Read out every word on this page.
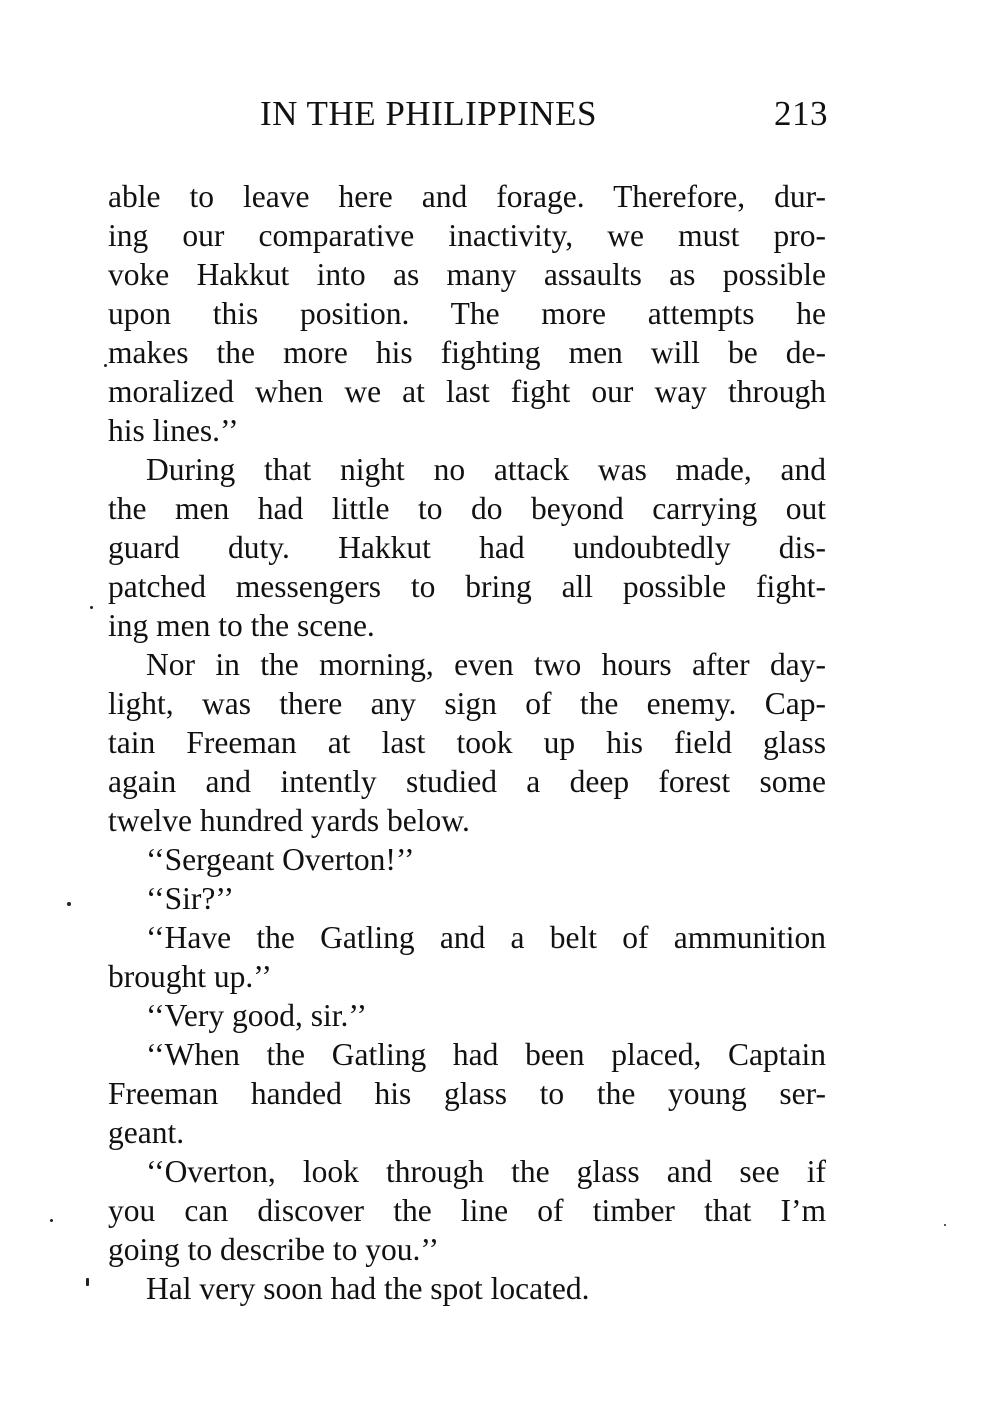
IN THE PHILIPPINES	213
able to leave here and forage. Therefore, dur-
ing our comparative inactivity, we must pro-
voke Hakkut into as many assaults as possible
upon this position. The more attempts he
makes the more his fighting men will be de-
moralized when we at last fight our way through
his lines.’’
During that night no attack was made, and
the men had little to do beyond carrying out
guard duty. Hakkut had undoubtedly dis-
patched messengers to bring all possible fight-
ing men to the scene.
Nor in the morning, even two hours after day-
light, was there any sign of the enemy. Cap-
tain Freeman at last took up his field glass
again and intently studied a deep forest some
twelve hundred yards below.
‘‘Sergeant Overton!’’
‘‘Sir?’’
‘‘Have the Gatling and a belt of ammunition
brought up.’’
‘‘Very good, sir.’’
‘‘When the Gatling had been placed, Captain
Freeman handed his glass to the young ser-
geant.
‘‘Overton, look through the glass and see if
you can discover the line of timber that I’m
going to describe to you.’’
Hal very soon had the spot located.
